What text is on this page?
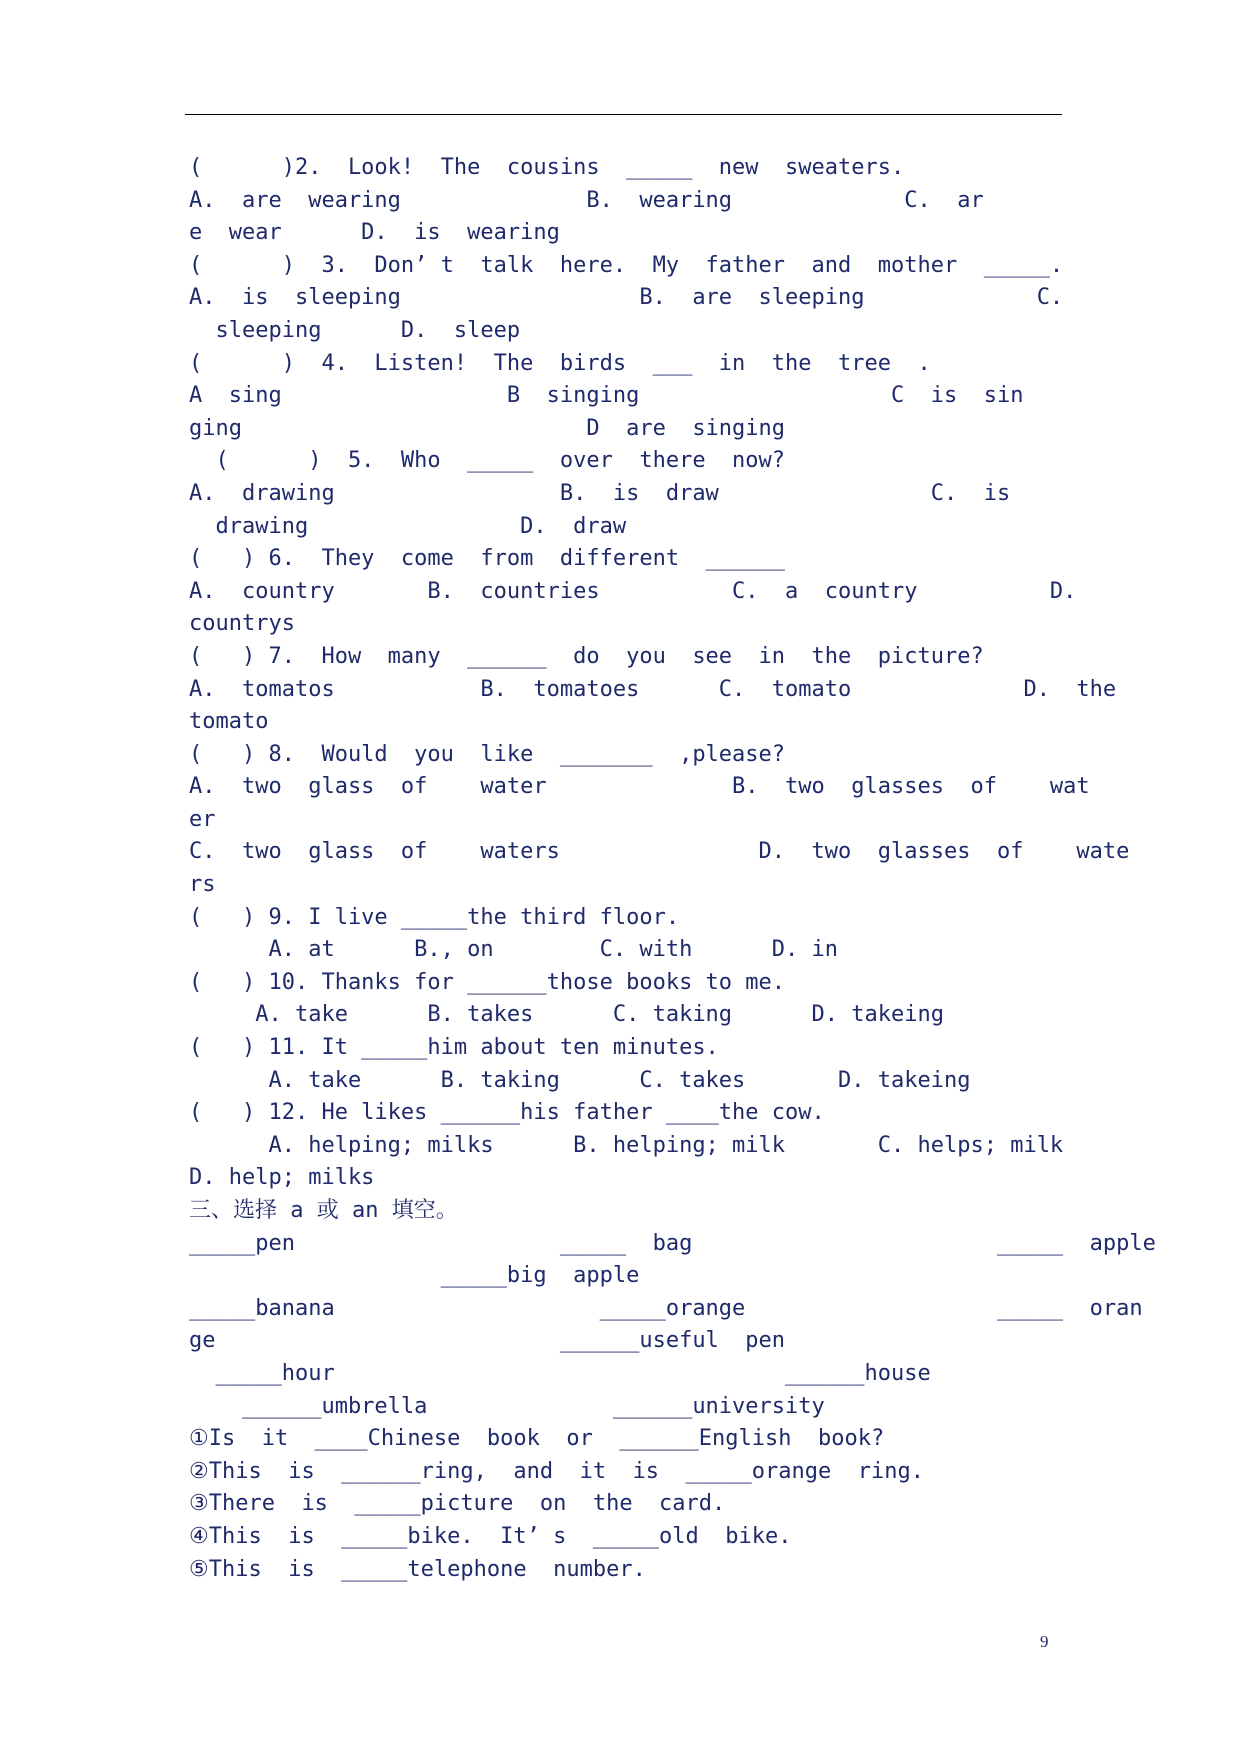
(      )2.  Look!  The  cousins  _____  new  sweaters.
A.  are  wearing              B.  wearing             C.  ar
e  wear      D.  is  wearing
(      )  3.  Don’ t  talk  here.  My  father  and  mother  _____.
A.  is  sleeping                  B.  are  sleeping             C.
sleeping      D.  sleep
(      )  4.  Listen!  The  birds  ___  in  the  tree  .
A  sing                 B  singing                   C  is  sin
ging                          D  are  singing
(      )  5.  Who  _____  over  there  now?
A.  drawing                 B.  is  draw                C.  is
drawing                D.  draw
(   ) 6.  They  come  from  different  ______
A.  country       B.  countries          C.  a  country          D.
countrys
(   ) 7.  How  many  ______  do  you  see  in  the  picture?
A.  tomatos           B.  tomatoes      C.  tomato             D.  the
tomato
(   ) 8.  Would  you  like  _______  ,please?
A.  two  glass  of    water              B.  two  glasses  of    wat
er
C.  two  glass  of    waters               D.  two  glasses  of    wate
rs
(   ) 9. I live _____the third floor.
A. at      B., on        C. with      D. in
(   ) 10. Thanks for ______those books to me.
A. take      B. takes      C. taking      D. takeing
(   ) 11. It _____him about ten minutes.
A. take      B. taking      C. takes       D. takeing
(   ) 12. He likes ______his father ____the cow.
A. helping; milks      B. helping; milk       C. helps; milk
D. help; milks
三、选择 a 或 an 填空。
_____pen                    _____  bag                       _____  apple
_____big  apple
_____banana                    _____orange                   _____  oran
ge                          ______useful  pen
_____hour                                  ______house
______umbrella              ______university
①Is  it  ____Chinese  book  or  ______English  book?
②This  is  ______ring,  and  it  is  _____orange  ring.
③There  is  _____picture  on  the  card.
④This  is  _____bike.  It’ s  _____old  bike.
⑤This  is  _____telephone  number.
9
